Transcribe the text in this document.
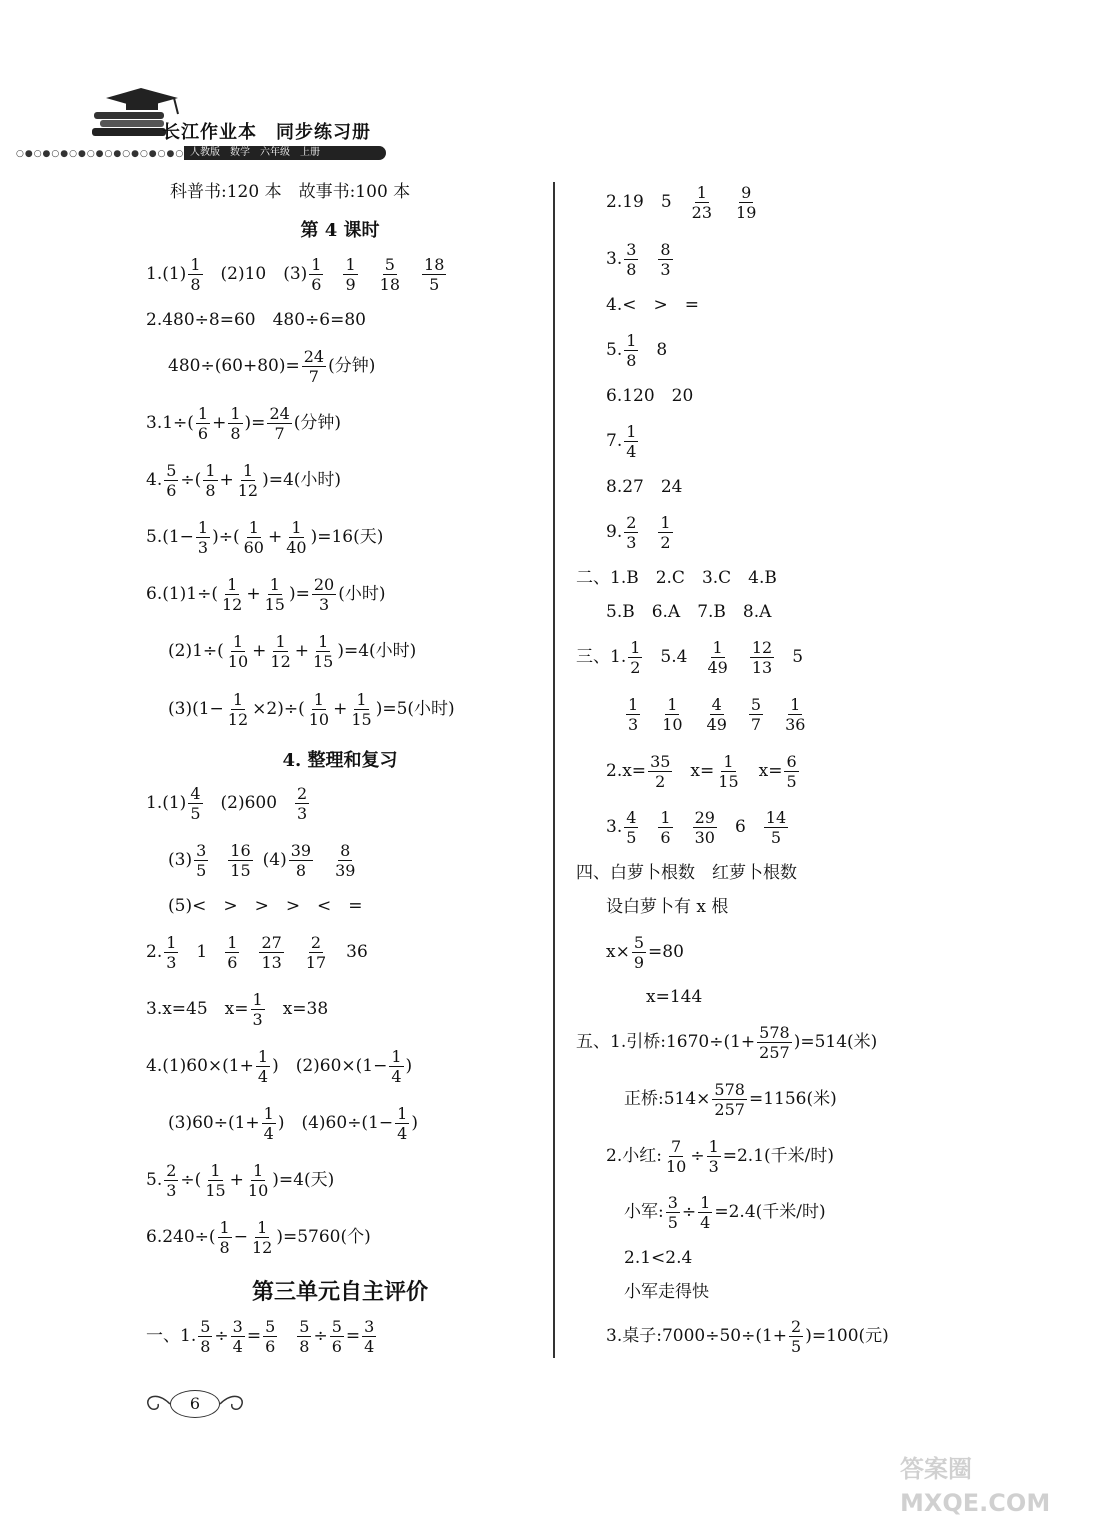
长江作业本　同步练习册
○●○●○●○●○●○●○●○●○●○ 人教版 数学 六年级 上册
科普书:120 本　故事书:100 本
第 4 课时
$1.(1) \frac{1}{8} (2)10$　$(3) \frac{1}{6} \frac{1}{9} \frac{5}{18} \frac{18}{5}$
2.480÷8=60　480÷6=80
$480\div(60+80)= \frac{24}{7}$ (分钟)
$3.1\div( \frac{1}{6} + \frac{1}{8}$ )= $\frac{24}{7}$ (分钟)
4. $\frac{5}{6}$ ÷( $\frac{1}{8} + \frac{1}{12} )=4$(小时)
$5.(1- \frac{1}{3}$ )÷( $\frac{1}{60} + \frac{1}{40} )=16$(天)
$6.(1)1\div( \frac{1}{12} + \frac{1}{15}$ )= $\frac{20}{3}$ (小时)
$(2)1\div( \frac{1}{10} + \frac{1}{12} + \frac{1}{15} )=4$(小时)
$(3)(1- \frac{1}{12} \times 2)\div( \frac{1}{10} + \frac{1}{15} )=5$(小时)
4. 整理和复习
$1.(1) \frac{4}{5} (2)600 \frac{2}{3}$
$(3) \frac{3}{5} \frac{16}{15} (4) \frac{39}{8} \frac{8}{39}$
(5)<　>　>　>　<　=
2. $\frac{1}{3} 1 \frac{1}{6} \frac{27}{13} \frac{2}{17} 36$
3.x=45　$x= \frac{1}{3} x=38$
$4.(1)60\times(1+ \frac{1}{4}$ )　$(2)60\times(1- \frac{1}{4}$ )
$(3)60\div(1+ \frac{1}{4}$ )　$(4)60\div(1- \frac{1}{4}$ )
5. $\frac{2}{3}$ ÷( $\frac{1}{15} + \frac{1}{10} )=4$(天)
$6.240\div( \frac{1}{8} - \frac{1}{12} )=5760$(个)
第三单元自主评价
一、1. $\frac{5}{8} \div \frac{3}{4} = \frac{5}{6} \frac{5}{8} \div \frac{5}{6} = \frac{3}{4}$
2.19　$5 \frac{1}{23} \frac{9}{19}$
3. $\frac{3}{8} \frac{8}{3}$
4.<　>　=
5. $\frac{1}{8} 8$
6.120　20
7. $\frac{1}{4}$
8.27　24
9. $\frac{2}{3} \frac{1}{2}$
二、1.B　2.C　3.C　4.B
5.B　6.A　7.B　8.A
三、1. $\frac{1}{2} 5.4 \frac{1}{49} \frac{12}{13} 5$
$\frac{1}{3} \frac{1}{10} \frac{4}{49} \frac{5}{7} \frac{1}{36}$
$2.x= \frac{35}{2} x= \frac{1}{15} x= \frac{6}{5}$
3. $\frac{4}{5} \frac{1}{6} \frac{29}{30} 6 \frac{14}{5}$
四、白萝卜根数　红萝卜根数
设白萝卜有 x 根
$x\times \frac{5}{9} =80$
x=144
五、1.引桥:1670÷(1+ $\frac{578}{257} )=514$(米)
正桥:514× $\frac{578}{257} =1156$(米)
2.小红: $\frac{7}{10} \div \frac{1}{3} =2.1$(千米/时)
小军: $\frac{3}{5} \div \frac{1}{4} =2.4$(千米/时)
2.1<2.4
小军走得快
3.桌子:7000÷50÷(1+ $\frac{2}{5} )=100$(元)
6
答案圈 MXQE.COM
